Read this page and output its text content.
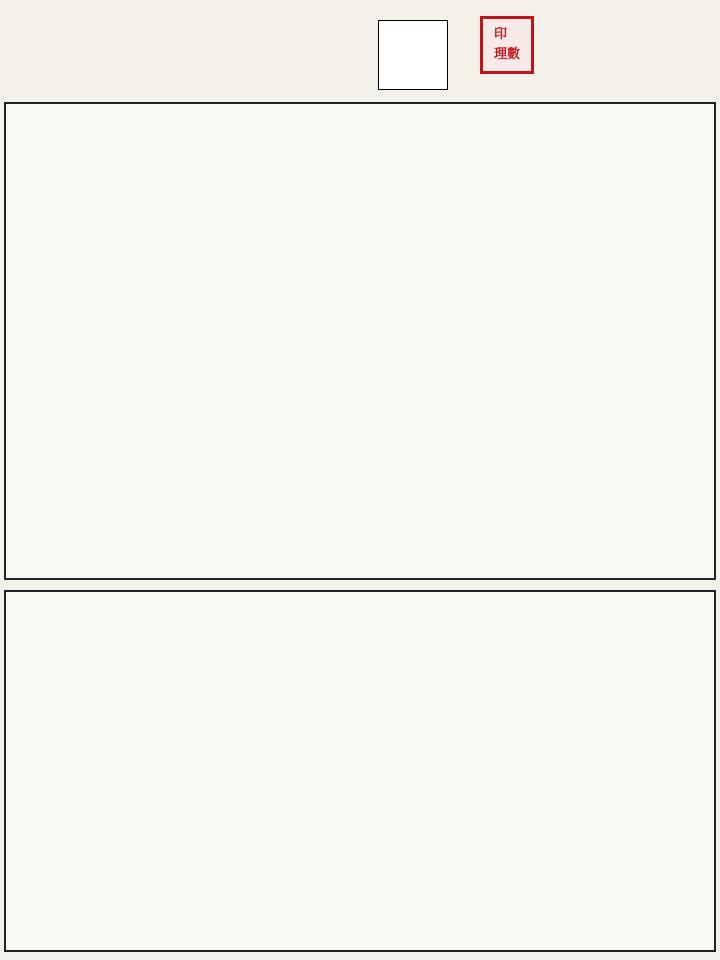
印
理數
